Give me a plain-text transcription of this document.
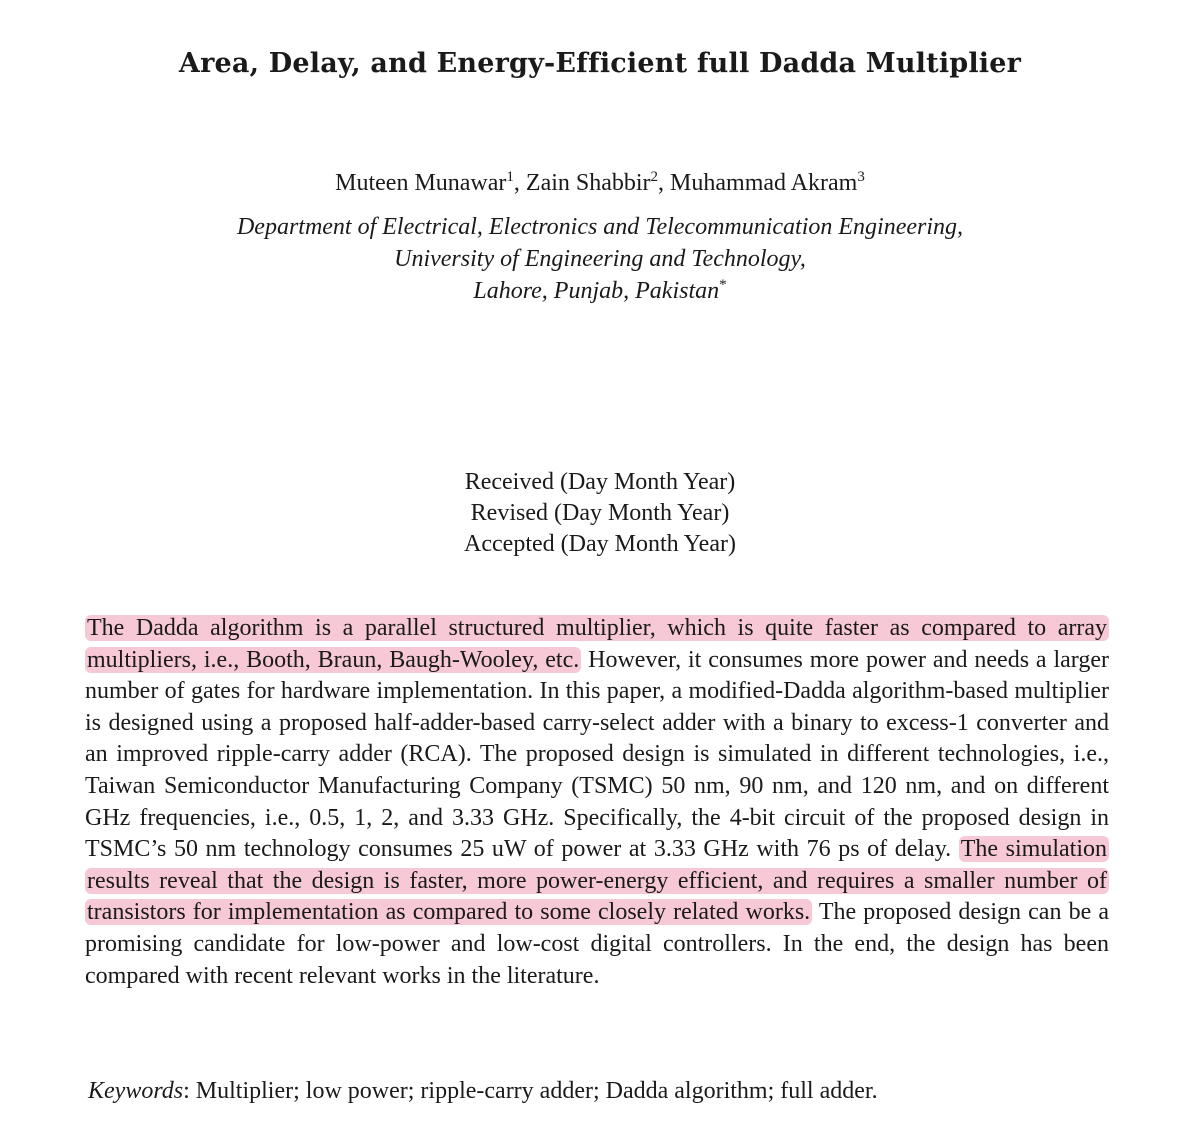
Area, Delay, and Energy-Efficient full Dadda Multiplier
Muteen Munawar$^1$, Zain Shabbir$^2$, Muhammad Akram$^3$
Department of Electrical, Electronics and Telecommunication Engineering,
University of Engineering and Technology,
Lahore, Punjab, Pakistan*
Received (Day Month Year)
Revised (Day Month Year)
Accepted (Day Month Year)
The Dadda algorithm is a parallel structured multiplier, which is quite faster as compared to array multipliers, i.e., Booth, Braun, Baugh-Wooley, etc. However, it consumes more power and needs a larger number of gates for hardware implementation. In this paper, a modified-Dadda algorithm-based multiplier is designed using a proposed half-adder-based carry-select adder with a binary to excess-1 converter and an improved ripple-carry adder (RCA). The proposed design is simulated in different technologies, i.e., Taiwan Semiconductor Manufacturing Company (TSMC) 50 nm, 90 nm, and 120 nm, and on different GHz frequencies, i.e., 0.5, 1, 2, and 3.33 GHz. Specifically, the 4-bit circuit of the proposed design in TSMC’s 50 nm technology consumes 25 uW of power at 3.33 GHz with 76 ps of delay. The simulation results reveal that the design is faster, more power-energy efficient, and requires a smaller number of transistors for implementation as compared to some closely related works. The proposed design can be a promising candidate for low-power and low-cost digital controllers. In the end, the design has been compared with recent relevant works in the literature.
Keywords: Multiplier; low power; ripple-carry adder; Dadda algorithm; full adder.
